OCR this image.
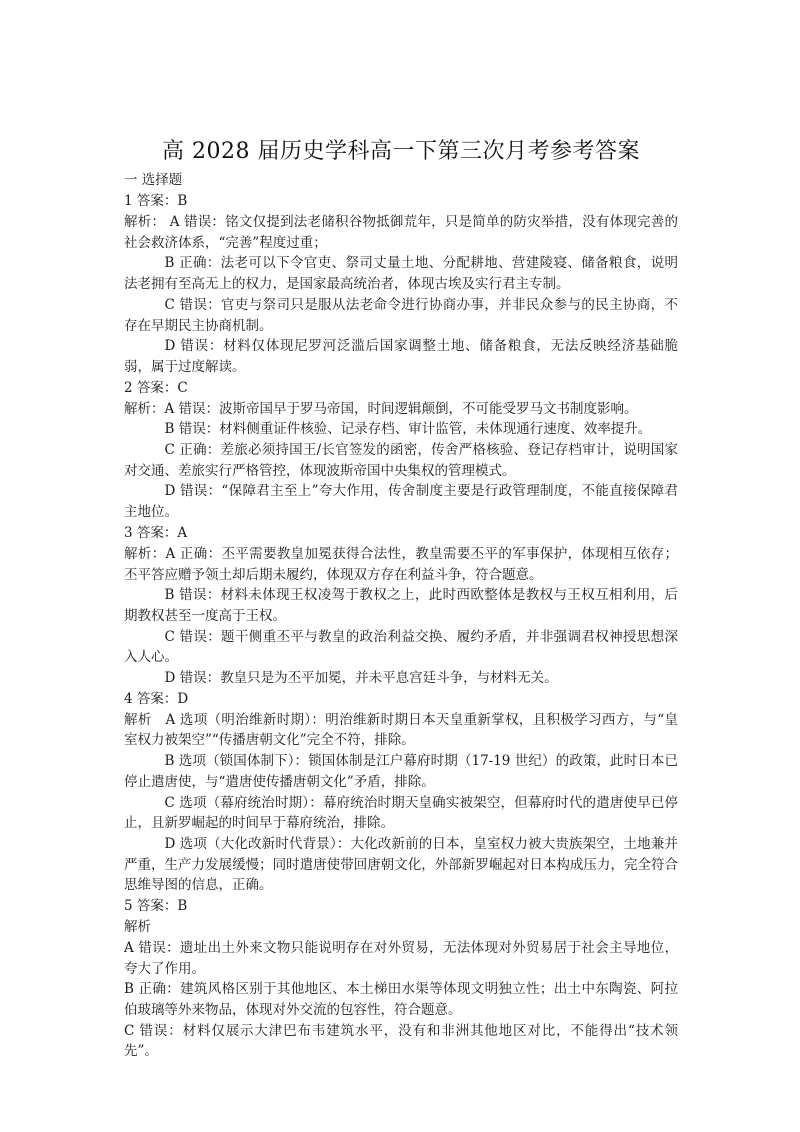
高 2028 届历史学科高一下第三次月考参考答案
一 选择题
1 答案：B

解析： A 错误：铭文仅提到法老储积谷物抵御荒年，只是简单的防灾举措，没有体现完善的社会救济体系，“完善”程度过重；

B 正确：法老可以下令官吏、祭司丈量土地、分配耕地、营建陵寝、储备粮食，说明法老拥有至高无上的权力，是国家最高统治者，体现古埃及实行君主专制。

C 错误：官吏与祭司只是服从法老命令进行协商办事，并非民众参与的民主协商，不存在早期民主协商机制。

D 错误：材料仅体现尼罗河泛滥后国家调整土地、储备粮食，无法反映经济基础脆弱，属于过度解读。

2 答案：C

解析：A 错误：波斯帝国早于罗马帝国，时间逻辑颠倒，不可能受罗马文书制度影响。

B 错误：材料侧重证件核验、记录存档、审计监管，未体现通行速度、效率提升。

C 正确：差旅必须持国王/长官签发的函密，传舍严格核验、登记存档审计，说明国家对交通、差旅实行严格管控，体现波斯帝国中央集权的管理模式。

D 错误：“保障君主至上”夸大作用，传舍制度主要是行政管理制度，不能直接保障君主地位。

3 答案：A

解析：A 正确：丕平需要教皇加冕获得合法性，教皇需要丕平的军事保护，体现相互依存；丕平答应赠予领土却后期未履约，体现双方存在利益斗争，符合题意。

B 错误：材料未体现王权凌驾于教权之上，此时西欧整体是教权与王权互相利用，后期教权甚至一度高于王权。

C 错误：题干侧重丕平与教皇的政治利益交换、履约矛盾，并非强调君权神授思想深入人心。

D 错误：教皇只是为丕平加冕，并未平息宫廷斗争，与材料无关。

4 答案：D

解析　A 选项（明治维新时期）：明治维新时期日本天皇重新掌权，且积极学习西方，与“皇室权力被架空”“传播唐朝文化”完全不符，排除。

B 选项（锁国体制下）：锁国体制是江户幕府时期（17-19 世纪）的政策，此时日本已停止遣唐使，与“遣唐使传播唐朝文化”矛盾，排除。

C 选项（幕府统治时期）：幕府统治时期天皇确实被架空，但幕府时代的遣唐使早已停止，且新罗崛起的时间早于幕府统治，排除。

D 选项（大化改新时代背景）：大化改新前的日本，皇室权力被大贵族架空，土地兼并严重，生产力发展缓慢；同时遣唐使带回唐朝文化，外部新罗崛起对日本构成压力，完全符合思维导图的信息，正确。

5 答案：B

解析

A 错误：遗址出土外来文物只能说明存在对外贸易，无法体现对外贸易居于社会主导地位，夸大了作用。

B 正确：建筑风格区别于其他地区、本土梯田水渠等体现文明独立性；出土中东陶瓷、阿拉伯玻璃等外来物品，体现对外交流的包容性，符合题意。

C 错误：材料仅展示大津巴布韦建筑水平，没有和非洲其他地区对比，不能得出“技术领先”。
